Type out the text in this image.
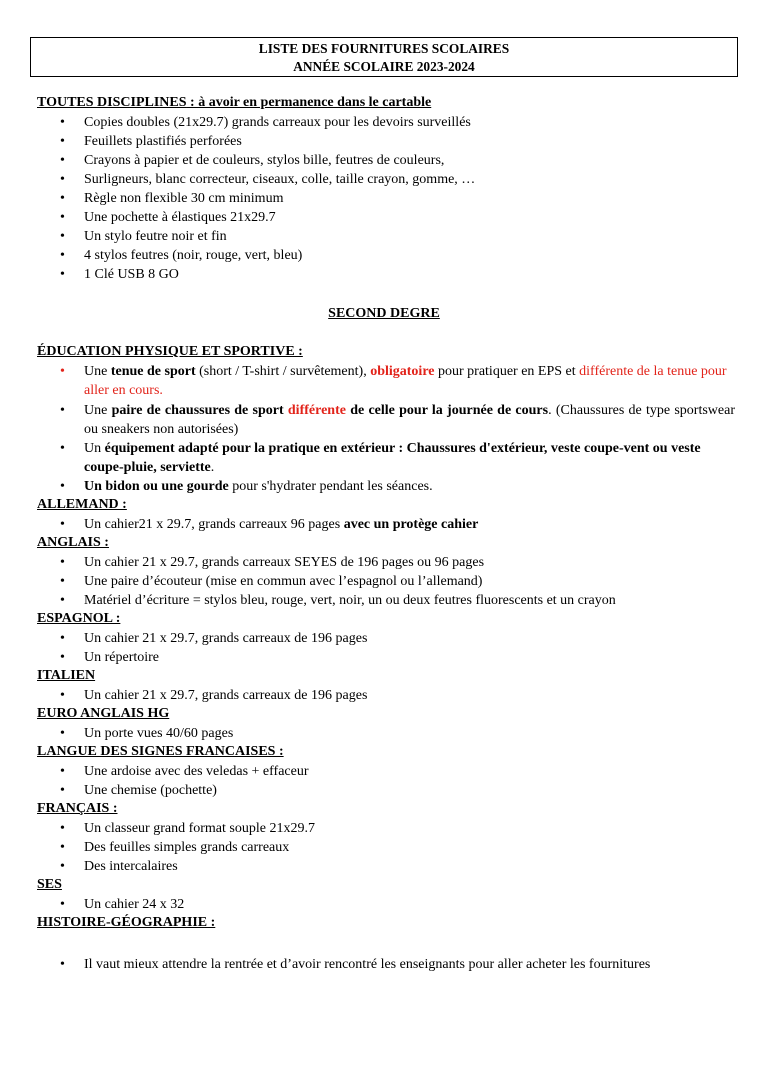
LISTE DES FOURNITURES SCOLAIRES
ANNÉE SCOLAIRE 2023-2024
TOUTES DISCIPLINES : à avoir en permanence dans le cartable
•	Copies doubles (21x29.7) grands carreaux pour les devoirs surveillés
•	Feuillets plastifiés perforées
•	Crayons à papier et de couleurs, stylos bille, feutres de couleurs,
•	Surligneurs, blanc correcteur, ciseaux, colle, taille crayon, gomme, …
•	Règle non flexible 30 cm minimum
•	Une pochette à élastiques 21x29.7
•	Un stylo feutre noir et fin
•	4 stylos feutres (noir, rouge, vert, bleu)
•	1 Clé USB 8 GO
SECOND DEGRE
ÉDUCATION PHYSIQUE ET SPORTIVE :
•	Une tenue de sport (short / T-shirt / survêtement), obligatoire pour pratiquer en EPS et différente de la tenue pour aller en cours.
•	Une paire de chaussures de sport différente de celle pour la journée de cours. (Chaussures de type sportswear ou sneakers non autorisées)
•	Un équipement adapté pour la pratique en extérieur : Chaussures d'extérieur, veste coupe-vent ou veste coupe-pluie, serviette.
•	Un bidon ou une gourde pour s'hydrater pendant les séances.
ALLEMAND :
•	Un cahier21 x 29.7, grands carreaux 96 pages avec un protège cahier
ANGLAIS :
•	Un cahier 21 x 29.7, grands carreaux SEYES de 196 pages ou 96 pages
•	Une paire d’écouteur (mise en commun avec l’espagnol ou l’allemand)
•	Matériel d’écriture = stylos bleu, rouge, vert, noir, un ou deux feutres fluorescents et un crayon
ESPAGNOL :
•	Un cahier 21 x 29.7, grands carreaux de 196 pages
•	Un répertoire
ITALIEN
•	Un cahier 21 x 29.7, grands carreaux de 196 pages
EURO ANGLAIS HG
•	Un porte vues 40/60 pages
LANGUE DES SIGNES FRANCAISES :
•	Une ardoise avec des veledas + effaceur
•	Une chemise (pochette)
FRANÇAIS :
•	Un classeur grand format souple 21x29.7
•	Des feuilles simples grands carreaux
•	Des intercalaires
SES
•	Un cahier 24 x 32
HISTOIRE-GÉOGRAPHIE :
•	Il vaut mieux attendre la rentrée et d’avoir rencontré les enseignants pour aller acheter les fournitures
